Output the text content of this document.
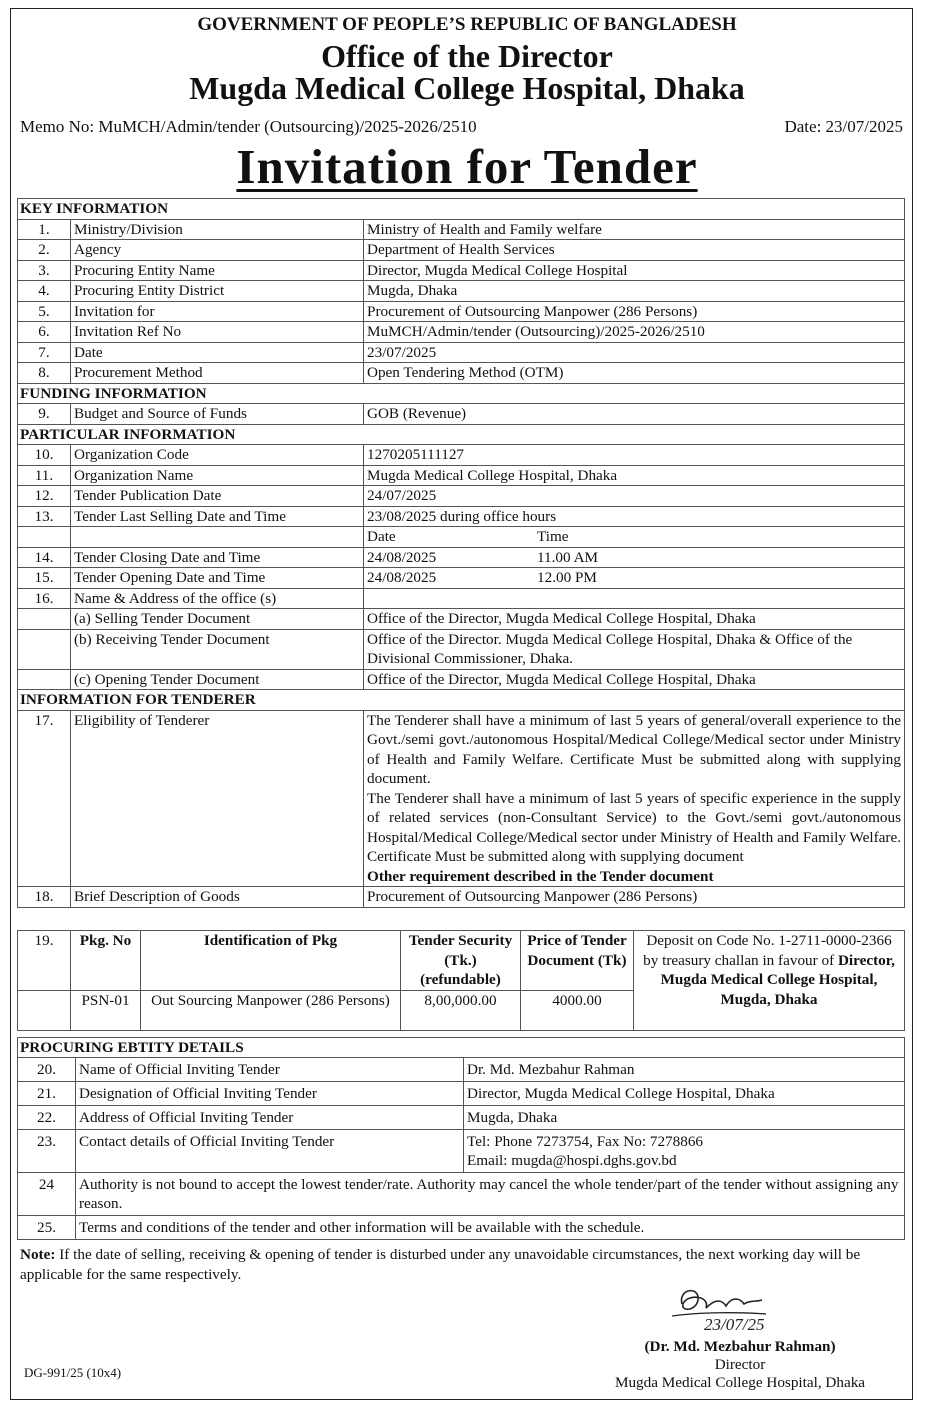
GOVERNMENT OF PEOPLE’S REPUBLIC OF BANGLADESH
Office of the Director
Mugda Medical College Hospital, Dhaka
Memo No: MuMCH/Admin/tender (Outsourcing)/2025-2026/2510	Date: 23/07/2025
Invitation for Tender
KEY INFORMATION		
1.	Ministry/Division	Ministry of Health and Family welfare
2.	Agency	Department of Health Services
3.	Procuring Entity Name	Director, Mugda Medical College Hospital
4.	Procuring Entity District	Mugda, Dhaka
5.	Invitation for	Procurement of Outsourcing Manpower (286 Persons)
6.	Invitation Ref No	MuMCH/Admin/tender (Outsourcing)/2025-2026/2510
7.	Date	23/07/2025
8.	Procurement Method	Open Tendering Method (OTM)
FUNDING INFORMATION		
9.	Budget and Source of Funds	GOB (Revenue)
PARTICULAR INFORMATION		
10.	Organization Code	1270205111127
11.	Organization Name	Mugda Medical College Hospital, Dhaka
12.	Tender Publication Date	24/07/2025
13.	Tender Last Selling Date and Time	23/08/2025 during office hours
		Date Time
14.	Tender Closing Date and Time	24/08/2025 11.00 AM
15.	Tender Opening Date and Time	24/08/2025 12.00 PM
16.	Name & Address of the office (s)	
	(a) Selling Tender Document	Office of the Director, Mugda Medical College Hospital, Dhaka
	(b) Receiving Tender Document	Office of the Director. Mugda Medical College Hospital, Dhaka & Office of the Divisional Commissioner, Dhaka.
	(c) Opening Tender Document	Office of the Director, Mugda Medical College Hospital, Dhaka
INFORMATION FOR TENDERER		
17.	Eligibility of Tenderer	The Tenderer shall have a minimum of last 5 years of general/overall experience to the Govt./semi govt./autonomous Hospital/Medical College/Medical sector under Ministry of Health and Family Welfare. Certificate Must be submitted along with supplying document.
The Tenderer shall have a minimum of last 5 years of specific experience in the supply of related services (non-Consultant Service) to the Govt./semi govt./autonomous Hospital/Medical College/Medical sector under Ministry of Health and Family Welfare. Certificate Must be submitted along with supplying document
Other requirement described in the Tender document

18.	Brief Description of Goods	Procurement of Outsourcing Manpower (286 Persons)
19.	Pkg. No	Identification of Pkg	Tender Security (Tk.) (refundable)	Price of Tender Document (Tk)	Deposit on Code No. 1-2711-0000-2366 by treasury challan in favour of Director, Mugda Medical College Hospital, Mugda, Dhaka
	PSN-01	Out Sourcing Manpower (286 Persons)	8,00,000.00	4000.00	
PROCURING EBTITY DETAILS		
20.	Name of Official Inviting Tender	Dr. Md. Mezbahur Rahman
21.	Designation of Official Inviting Tender	Director, Mugda Medical College Hospital, Dhaka
22.	Address of Official Inviting Tender	Mugda, Dhaka
23.	Contact details of Official Inviting Tender	Tel: Phone 7273754, Fax No: 7278866
Email: mugda@hospi.dghs.gov.bd

24	Authority is not bound to accept the lowest tender/rate. Authority may cancel the whole tender/part of the tender without assigning any reason.	
25.	Terms and conditions of the tender and other information will be available with the schedule.	
Note: If the date of selling, receiving & opening of tender is disturbed under any unavoidable circumstances, the next working day will be applicable for the same respectively.
23/07/25
(Dr. Md. Mezbahur Rahman)
Director
Mugda Medical College Hospital, Dhaka
DG-991/25 (10x4)
